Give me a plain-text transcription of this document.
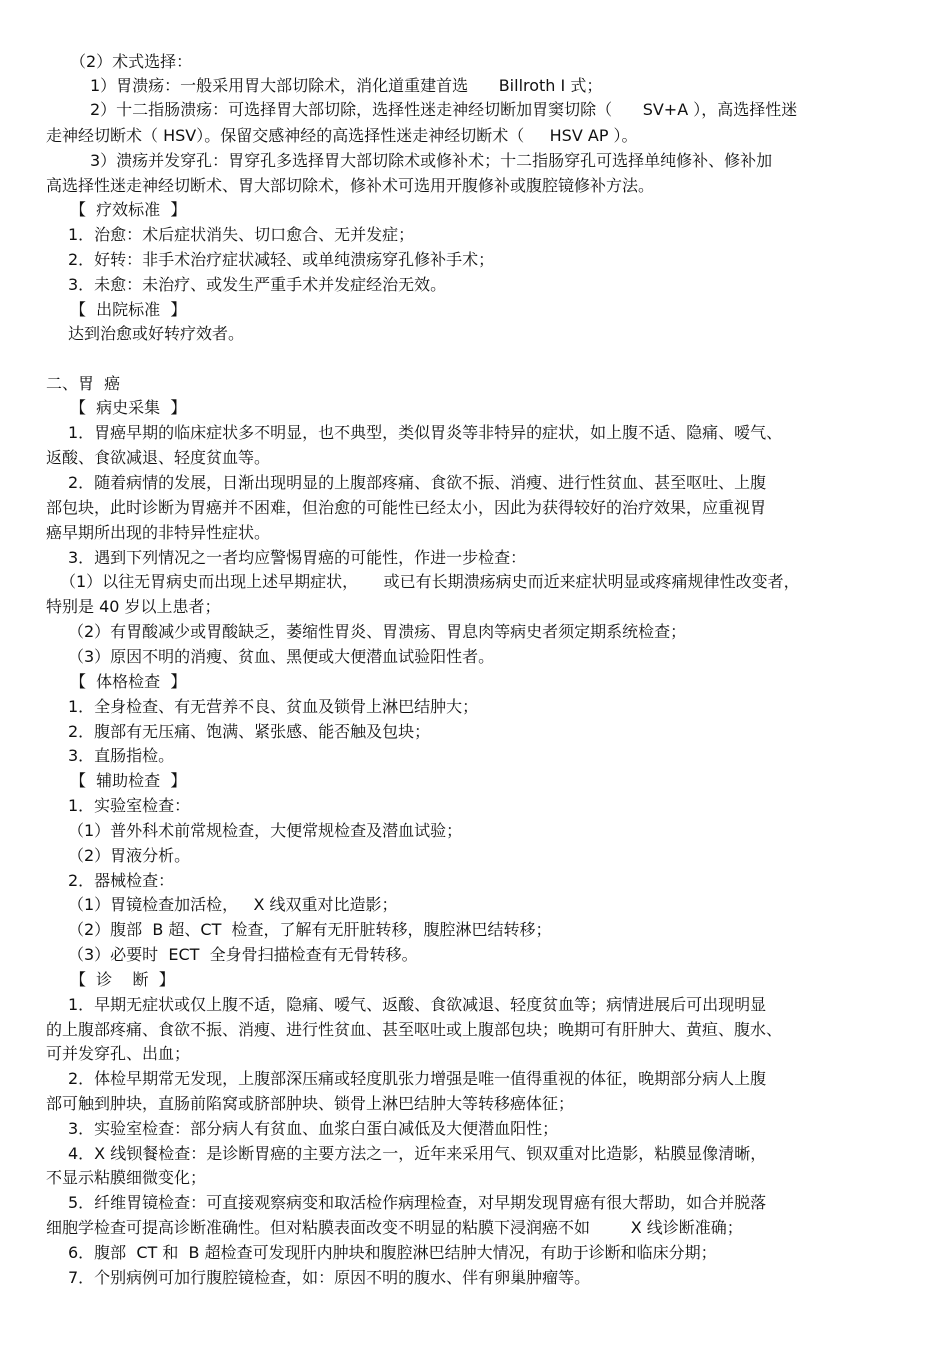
（2）术式选择：
1）胃溃疡：一般采用胃大部切除术，消化道重建首选      Billroth Ⅰ 式；
2）十二指肠溃疡：可选择胃大部切除，选择性迷走神经切断加胃窦切除（      SV+A ），高选择性迷
走神经切断术（ HSV）。保留交感神经的高选择性迷走神经切断术（     HSV AP ）。
3）溃疡并发穿孔：胃穿孔多选择胃大部切除术或修补术；十二指肠穿孔可选择单纯修补、修补加
高选择性迷走神经切断术、胃大部切除术，修补术可选用开腹修补或腹腔镜修补方法。
【  疗效标准  】
1．治愈：术后症状消失、切口愈合、无并发症；
2．好转：非手术治疗症状减轻、或单纯溃疡穿孔修补手术；
3．未愈：未治疗、或发生严重手术并发症经治无效。
【  出院标准  】
达到治愈或好转疗效者。
二、胃  癌
【  病史采集  】
1．胃癌早期的临床症状多不明显，也不典型，类似胃炎等非特异的症状，如上腹不适、隐痛、嗳气、
返酸、食欲减退、轻度贫血等。
2．随着病情的发展，日渐出现明显的上腹部疼痛、食欲不振、消瘦、进行性贫血、甚至呕吐、上腹
部包块，此时诊断为胃癌并不困难，但治愈的可能性已经太小，因此为获得较好的治疗效果，应重视胃
癌早期所出现的非特异性症状。
3．遇到下列情况之一者均应警惕胃癌的可能性，作进一步检查：
（1）以往无胃病史而出现上述早期症状，     或已有长期溃疡病史而近来症状明显或疼痛规律性改变者，
特别是 40 岁以上患者；
（2）有胃酸减少或胃酸缺乏，萎缩性胃炎、胃溃疡、胃息肉等病史者须定期系统检查；
（3）原因不明的消瘦、贫血、黑便或大便潜血试验阳性者。
【  体格检查  】
1．全身检查、有无营养不良、贫血及锁骨上淋巴结肿大；
2．腹部有无压痛、饱满、紧张感、能否触及包块；
3．直肠指检。
【  辅助检查  】
1．实验室检查：
（1）普外科术前常规检查，大便常规检查及潜血试验；
（2）胃液分析。
2．器械检查：
（1）胃镜检查加活检，   X 线双重对比造影；
（2）腹部  B 超、CT  检查，了解有无肝脏转移，腹腔淋巴结转移；
（3）必要时  ECT  全身骨扫描检查有无骨转移。
【  诊    断  】
1．早期无症状或仅上腹不适，隐痛、嗳气、返酸、食欲减退、轻度贫血等；病情进展后可出现明显
的上腹部疼痛、食欲不振、消瘦、进行性贫血、甚至呕吐或上腹部包块；晚期可有肝肿大、黄疸、腹水、
可并发穿孔、出血；
2．体检早期常无发现，上腹部深压痛或轻度肌张力增强是唯一值得重视的体征，晚期部分病人上腹
部可触到肿块，直肠前陷窝或脐部肿块、锁骨上淋巴结肿大等转移癌体征；
3．实验室检查：部分病人有贫血、血浆白蛋白减低及大便潜血阳性；
4．X 线钡餐检查：是诊断胃癌的主要方法之一，近年来采用气、钡双重对比造影，粘膜显像清晰，
不显示粘膜细微变化；
5．纤维胃镜检查：可直接观察病变和取活检作病理检查，对早期发现胃癌有很大帮助，如合并脱落
细胞学检查可提高诊断准确性。但对粘膜表面改变不明显的粘膜下浸润癌不如        X 线诊断准确；
6．腹部  CT 和  B 超检查可发现肝内肿块和腹腔淋巴结肿大情况，有助于诊断和临床分期；
7．个别病例可加行腹腔镜检查，如：原因不明的腹水、伴有卵巢肿瘤等。
